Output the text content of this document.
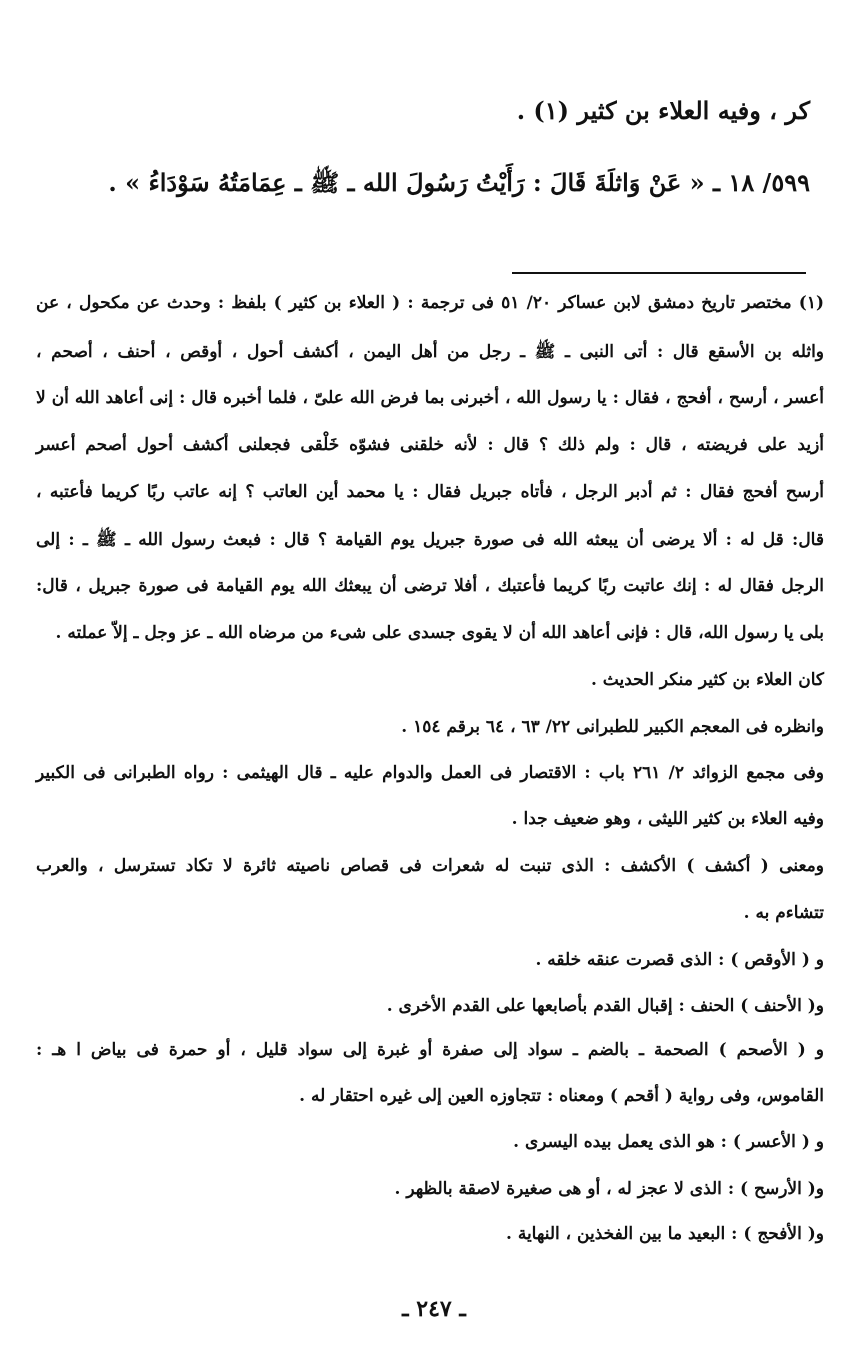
كر ، وفيه العلاء بن كثير (١) .
٥٩٩/ ١٨ ـ « عَنْ وَاثلَةَ قَالَ : رَأَيْتُ رَسُولَ الله ـ ﷺ ـ عِمَامَتُهُ سَوْدَاءُ » .
(١) مختصر تاريخ دمشق لابن عساكر ٢٠/ ٥١ فى ترجمة : ( العلاء بن كثير ) بلفظ : وحدث عن مكحول ، عن
واثله بن الأسقع قال : أتى النبى ـ ﷺ ـ رجل من أهل اليمن ، أكشف أحول ، أوقص ، أحنف ، أصحم ،
أعسر ، أرسح ، أفحج ، فقال : يا رسول الله ، أخبرنى بما فرض الله علىّ ، فلما أخبره قال : إنى أعاهد الله أن لا
أزيد على فريضته ، قال : ولم ذلك ؟ قال : لأنه خلقنى فشوّه خَلْقى فجعلنى أكشف أحول أصحم أعسر
أرسح أفحج فقال : ثم أدبر الرجل ، فأتاه جبريل فقال : يا محمد أين العاتب ؟ إنه عاتب ربًا كريما فأعتبه ،
قال: قل له : ألا يرضى أن يبعثه الله فى صورة جبريل يوم القيامة ؟ قال : فبعث رسول الله ـ ﷺ ـ : إلى
الرجل فقال له : إنك عاتبت ربًا كريما فأعتبك ، أفلا ترضى أن يبعثك الله يوم القيامة فى صورة جبريل ، قال:
بلى يا رسول الله، قال : فإنى أعاهد الله أن لا يقوى جسدى على شىء من مرضاه الله ـ عز وجل ـ إلاّ عملته .
كان العلاء بن كثير منكر الحديث .
وانظره فى المعجم الكبير للطبرانى ٢٢/ ٦٣ ، ٦٤ برقم ١٥٤ .
وفى مجمع الزوائد ٢/ ٢٦١ باب : الاقتصار فى العمل والدوام عليه ـ قال الهيثمى : رواه الطبرانى فى الكبير
وفيه العلاء بن كثير الليثى ، وهو ضعيف جدا .
ومعنى ( أكشف ) الأكشف : الذى تنبت له شعرات فى قصاص ناصيته ثائرة لا تكاد تسترسل ، والعرب
تتشاءم به .
و ( الأوقص ) : الذى قصرت عنقه خلقه .
و( الأحنف ) الحنف : إقبال القدم بأصابعها على القدم الأخرى .
و ( الأصحم ) الصحمة ـ بالضم ـ سواد إلى صفرة أو غبرة إلى سواد قليل ، أو حمرة فى بياض ا هـ :
القاموس، وفى رواية ( أقحم ) ومعناه : تتجاوزه العين إلى غيره احتقار له .
و ( الأعسر ) : هو الذى يعمل بيده اليسرى .
و( الأرسح ) : الذى لا عجز له ، أو هى صغيرة لاصقة بالظهر .
و( الأفحج ) : البعيد ما بين الفخذين ، النهاية .
ـ ٢٤٧ ـ
